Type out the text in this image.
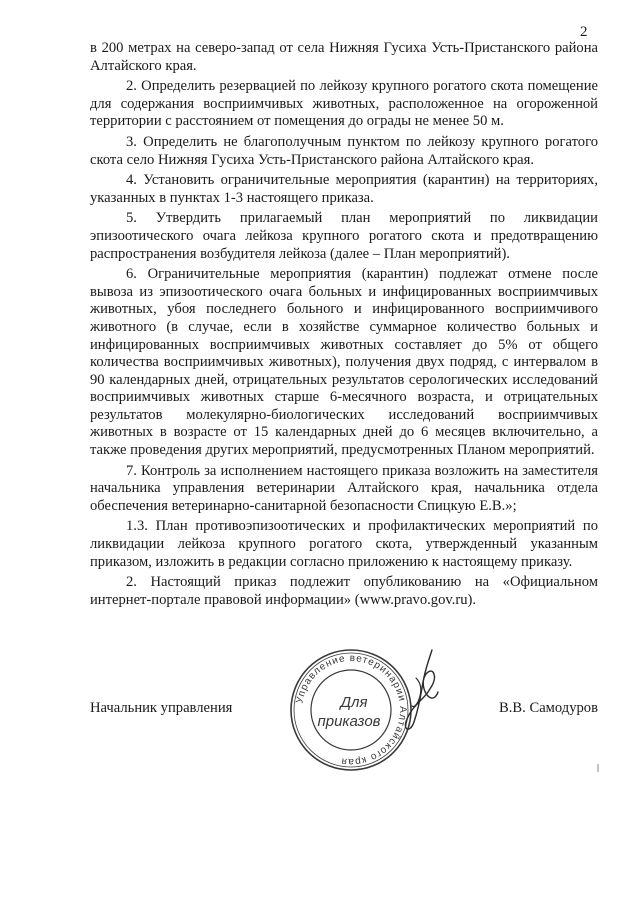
2

в 200 метрах на северо-запад от села Нижняя Гусиха Усть-Пристанского района Алтайского края.

2. Определить резервацией по лейкозу крупного рогатого скота помещение для содержания восприимчивых животных, расположенное на огороженной территории с расстоянием от помещения до ограды не менее 50 м.

3. Определить не благополучным пунктом по лейкозу крупного рогатого скота село Нижняя Гусиха Усть-Пристанского района Алтайского края.

4. Установить ограничительные мероприятия (карантин) на территориях, указанных в пунктах 1-3 настоящего приказа.

5. Утвердить прилагаемый план мероприятий по ликвидации эпизоотического очага лейкоза крупного рогатого скота и предотвращению распространения возбудителя лейкоза (далее – План мероприятий).

6. Ограничительные мероприятия (карантин) подлежат отмене после вывоза из эпизоотического очага больных и инфицированных восприимчивых животных, убоя последнего больного и инфицированного восприимчивого животного (в случае, если в хозяйстве суммарное количество больных и инфицированных восприимчивых животных составляет до 5% от общего количества восприимчивых животных), получения двух подряд, с интервалом в 90 календарных дней, отрицательных результатов серологических исследований восприимчивых животных старше 6-месячного возраста, и отрицательных результатов молекулярно-биологических исследований восприимчивых животных в возрасте от 15 календарных дней до 6 месяцев включительно, а также проведения других мероприятий, предусмотренных Планом мероприятий.

7. Контроль за исполнением настоящего приказа возложить на заместителя начальника управления ветеринарии Алтайского края, начальника отдела обеспечения ветеринарно-санитарной безопасности Спицкую Е.В.»;

1.3. План противоэпизоотических и профилактических мероприятий по ликвидации лейкоза крупного рогатого скота, утвержденный указанным приказом, изложить в редакции согласно приложению к настоящему приказу.

2. Настоящий приказ подлежит опубликованию на «Официальном интернет-портале правовой информации» (www.pravo.gov.ru).

Управление ветеринарии Алтайского края
Для
приказов
Начальник управления	В.В. Самодуров
